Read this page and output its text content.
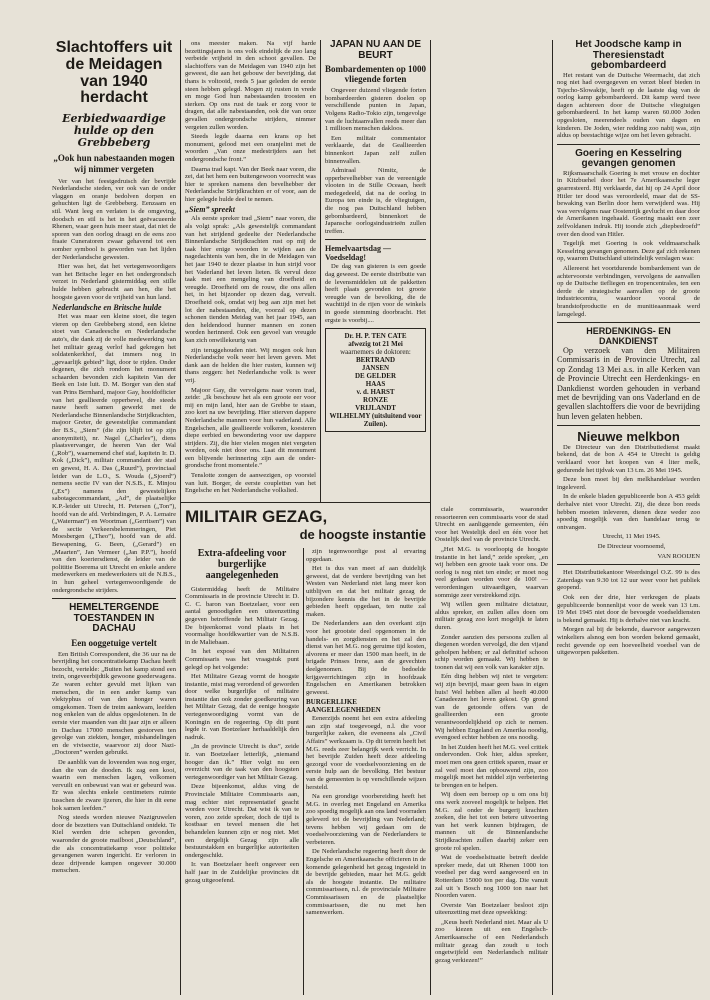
Slachtoffers uit de Meidagen van 1940 herdacht

Eerbiedwaardige hulde op den Grebbeberg

„Ook hun nabestaanden mogen wij nimmer vergeten

Ver van het feestgedruisch der bevrijde Nederlandsche steden, ver ook van de onder vlaggen en oranje bedolven dorpen en gehuchten ligt de Grebbeberg. Eenzaam en stil. Want leeg en verlaten is de omgeving, doodsch en stil is het in het geëvacueerde Rhenen, waar geen huis meer staat, dat niet de sporen van den oorlog draagt en de eens zoo fraaie Cuneratoren zwaar gehavend tot een somber symbool is geworden van het lijden der Nederlandsche gewesten.

Hier was het, dat het vertegenwoordigers van het Britsche leger en het ondergrondsch verzet in Nederland gistermiddag een stille hulde hebben gebracht aan hen, die het hoogste gaven voor de vrijheid van hun land.

Nederlandsche en Britsche hulde

Het was maar een kleine stoet, die tegen vieren op den Grebbeberg stond, een kleine stoet van Canadeesche en Nederlandsche auto's, die dank zij de volle medewerking van het militair gezag verlof had gekregen het soldatenkerkhof, dat immers nog in „gevaarlijk gebied” ligt, door te rijden. Onder degenen, die zich rondom het monument schaarden bevonden zich kapitein Van der Beek en 1ste luit. D. M. Borger van den staf van Prins Bernhard, majoor Gay, hoofdofficier van het geallieerde opperbevel, die steeds nauw heeft samen gewerkt met de Nederlandsche Binnenlandsche Strijdkrachten, majoor Greter, de gewestelijke commandant der B.S., „Siem” (die zijn blijft tot op zijn anonymiteit), nr. Nagel („Charles”), diens plaatsvervanger, de heeren Van der Wal („Rob”), waarnemend chef staf, kapitein Ir. D. Kok („Dick”), militair commandant der stad en gewest, H. A. Das („Ruurd”), provinciaal leider van de L.O., S. Wouda („Sjoerd”) nemens sectie IV van der N.S.B., E. Minjou („Ex”) namens den gewestelijken sabotagecommandant, „Ad”, de plaatselijke K.P.-leider uit Utrecht, H. Petersen („Ton”), hoofd van de afd. Verbindingen, P. A. Lemaire („Waterman”) en Woortman („Gerritsen”) van de sectie Verkeersbelemmeringen, Piet Moesbergen („Theo”), hoofd van de afd. Bewapening, G. Been, („Gerard”) en „Maarten”, Jan Vermeer („Jan P.P.”), hoofd van den koeriersdienst, de leider van de polititie Boerema uit Utrecht en enkele andere medewerkers en medewerksters uit de N.B.S., in hun geheel vertegenwoordigende de ondergrondsche strijders.

HEMELTERGENDE TOESTANDEN IN DACHAU

Een ooggetuige vertelt

Een British Correspondent, die 36 uur na de bevrijding het concentratiekamp Dachau heeft bezocht, vertelde: „Buiten het kamp stond een trein, ongeveerbijdtik gewoone goederwagens. Ze waren echter gevuld met lijken van menschen, die in een ander kamp van vlektyphus of van den honger waren omgekomen. Toen de treim aankwam, leefden nog enkelen van de aldus opgeslotenen. In de eerste vier maanden van dit jaar zijn er alleen in Dachau 17000 menschen gestorven ten gevolge van ziekten, honger, mishandelingen en de vivisectie, waarvoor zij door Nazi-„Doctoren” werden gebruikt.

De aanblik van de loveenden was nog erger, dan die van de dooden. Ik zag een kooi, waarin een menschen lagen, volkomen vervuilt en onbewust van wat er gebeurd was. Er was slechts enkele centimeters ruimte tusschen de zware ijzeren, die hier in dit eene hok samen leefden.”

Nog steeds worden nieuwe Nazigruwelen door de bezetters van Duitschland ontdekt. Te Kiel werden drie schepen gevonden, waaronder de groote mailboot „Deutschland”, die als concentratiekamp voor politieke gevangenen waren ingericht. Er verloren in deze drijvende kampen ongeveer 30.000 menschen.

ons meester maken. Na vijf harde bezettingsjaren is ons volk eindelijk de zoo lang verbeide vrijheid in den schoot gevallen. De slachtoffers van de Meidagen van 1940 zijn het geweest, die aan het gebouw der bevrijding, dat thans is voltooid, reeds 5 jaar geleden de eerste steen hebben gelegd. Mogen zij rusten in vrede en moge God hun nabestaanden troosten en sterken. Op ons rust de taak er zorg voor te dragen, dat alle nabestaanden, ook die van onze gevallen ondergrondsche strijders, nimmer vergeten zullen worden.

Steeds legde daarna een krans op het monument, gelood met een oranjelint met de woorden „Van onze medestrijders aan het ondergrondsche front.”

Daarna trad kapt. Van der Beek naar voren, die zei, dat het hem een buitengewoon voorrecht was hier te spreken namens den bevelhebber der Nederlandsche Strijdkrachten er of voor, aan de hier gelegde hulde deel te nemen.

„Siem” spreekt

Als eerste spreker trad „Siem” naar voren, die als volgt sprak: „Als gewestelijk commandant van het strijdend gedeelte der Nederlandsche Binnenlandsche Strijdkrachten rust op mij de taak hier enige woorden te wijden aan de nagedachtenis van hen, die in de Meidagen van het jaar 1940 te dezer plaatse in hun strijd voor het Vaderland het leven lieten. Ik vervul deze taak met een mengeling van droefheid en vreugde. Droefheid om de rouw, die ons allen het, in het bijzonder op dezen dag, vervult. Droefheid ook, omdat wij beg aan zijn met het lot der nabestaanden, die, voorzal op dezen schonen tienden Meidag van het jaar 1945, aan den heldendood hunner mannen en zonen worden herinnerd. Ook een gevoel van vreugde kan zich onwillekeurig van

zijn teruggehouden niet. Wij mogen ook hun Nederlandsche volk weer het leven geven. Met dank aan de helden die hier rusten, kunnen wij thans zeggen: het Nederlandsche volk is weer vrij.

Majoor Gay, die vervolgens naar voren trad, zeide: „Ik beschouw het als een groote eer voor mij en mijn land, hier aan de Grebbe te staan, zoo kort na uw bevrijding. Hier stierven dappere Nederlandsche mannen voor hun vaderland. Alle Engelschen, alle geallieerde volkeren, koesteren diepe eerbied en bewondering voor uw dappere strijders. Zij, die hier vielen mogen niet vergeten worden, ook niet door ons. Laat dit monument een blijvende herinnering zijn aan de ondergrondsche front momentele.”

Tenslotte zongen de aanwezigen, op voorstel van luit. Borger, de eerste couplettsn van het Engelsche en het Nederlandsche volkslied.

JAPAN NU AAN DE BEURT

Bombardementen op 1000 vliegende forten

Ongeveer duizend vliegende forten bombardeerden gisteren doelen op verschillende punten in Japan, Volgens Radio-Tokio zijn, tengevolge van de luchtaanvallen reeds meer dan 1 millioen menschen dakloos.

Een militair commentator verklaarde, dat de Geallieerden binnenkort Japan zelf zullen binnenvallen.

Admiraal Nimitz, de opperbevelhebber van de vereenigde vlooten in de Stille Oceaan, heeft medegedeeld, dat na de oorlog in Europa ten einde is, de vliegtuigen, die nog pas Duitschland hebben gebombardeerd, binnenkort de Japansche oorlogsindustrieën zullen treffen.

Hemelvaartsdag — Voedseldag!

De dag van gisteren is een goede dag geweest. De eerste distributie van de levensmiddelen uit de pakketten heeft plaats gevonden tot groote vreugde van de bevolking, die de wachttijd in de rijen voor de winkels in goede stemming doorbracht. Het ergste is voorbij....

Dr. H. P. TEN CATE
afwezig tot 21 Mei
waarnemers de doktoren:
BERTRAND
JANSEN
DE GELDER
HAAS
v. d. HARST
RONZE
VRIJLANDT
WILHELMY (uitsluitend voor Zuilen).

Het Joodsche kamp in Theresienstadt gebombardeerd

Het restant van de Duitsche Weermacht, dat zich nog niet had overgegeven en verzet bleef bieden in Tsjecho-Slowakije, heeft op de laatste dag van de oorlog kamp gebombardeerd. Dit kamp werd twee dagen achtereen door de Duitsche vliegtuigen gebombardeerd. In het kamp waren 60.000 Joden opgesloten, meerendeels ouden van dagen en kinderen. De Joden, wier redding zoo nabij was, zijn aldus op beestachtige wijze om het leven gebracht.

Goering en Kesselring gevangen genomen

Rijksmaarschalk Goering is met vrouw en dochter in Kitzbuehel door het 7e Amerikaansche leger gearresteerd. Hij verklaarde, dat hij op 24 April door Hitler ter dood was veroordeeld, maar dat de SS-bewaking van Berlin door hem verwijderd was. Hij was vervolgens naar Oostenrijk gevlucht en daar door de Amerikanen ingehaald. Goering maakt een zeer zelfvoldanen indruk. Hij toonde zich „diepbedroefd” over den dood van Hitler.

Tegelijk met Goering is ook veldmaarschalk Kesselring gevangen genomen. Deze gaf zich rekenen op, waarom Duitschland uiteindelijk verslagen was:

Allereerst het voortdurende bombardement van de achtervoorste verbindingen, vervolgens de aanvallen op de Duitsche tiefliegen en tropencentrales, ten een derde de strategische aanvallen op de groote industriecentra, waardoor vooral de brandstofproductie en de munitieaanmaak werd lamgelegd.

HERDENKINGS- EN DANKDIENST

Op verzoek van den Militairen Commissaris in de Provincie Utrecht, zal op Zondag 13 Mei a.s. in alle Kerken van de Provincie Utrecht een Herdenkings- en Dankdienst worden gehouden in verband met de bevrijding van ons Vaderland en de gevallen slachtoffers die voor de bevrijding hun leven gelaten hebben.

Nieuwe melkbon

De Directeur van den Distributiedienst maakt bekend, dat de bon A 454 te Utrecht is geldig verklaard voor het koopen van 4 liter melk, gedurende het tijdvak van 13 t.m. 26 Mei 1945.

Deze bon moet bij den melkhandelaar worden ingeleverd.

In de enkele bladen gepubliceerde bon A 453 geldt derhalve niet voor Utrecht. Zij, die deze bon reeds hebben moeten inleveren, dienen deze weder zoo spoedig mogelijk van den handelaar terug te ontvangen.

Utrecht, 11 Mei 1945.

De Directeur voornoemd,

VAN ROOIJEN

Het Distributiekantoor Weerdsingel O.Z. 99 is des Zaterdags van 9.30 tot 12 uur weer voor het publiek geopend.

Ook een der drie, hier verkregen de plaats gepubliceerde bonnenlijst voor de week van 13 t.m. 19 Mei 1945 niet door de bevoegde voedseldiensten is bekend gemaakt. Hij is derhalve niet van kracht.

Morgen zal bij de bekende, daarvoor aangewezen winkeliers alsnog een bon worden bekend gemaakt, recht gevende op een hoeveelheid voedsel van de uitgeworpen pakketten.

MILITAIR GEZAG,
de hoogste instantie

Extra-afdeeling voor burgerlijke aangelegenheden

Gistermiddag heeft de Militaire Commissaris in de provincie Utrecht ir. D. C. C. baron van Boetzelaer, voor een aantal genoodigden een uiteenzetting gegeven betreffende het Militair Gezag. De bijeenkomst vond plaats in het voormalige hoofdkwartier van de N.S.B. in de Maliebaan.

In het exposé van den Militairen Commissaris was het vraagstuk punt gelegd op het volgende:

Het Militaire Gezag vormt de hoogste instantie, mist mag verordend of geworden door welke burgerlijke of militaire instantie dan ook zonder goedkeuring van het Militair Gezag, dat de eenige hoogste vertegenwoordiging vormt van de Koningin en de regeering. Op dit punt legde ir. van Boetzelaer herhaaldelijk den nadruk.

„In de provincie Utrecht is dus”, zeide ir. van Boetzelaer letterlijk, „niemand hooger dan ik.” Hier volgt nu een overzicht van de taak van den hoogsten vertegenwoordiger van het Militair Gezag.

Deze bijeenkomst, aldus ving de Provinciale Militaire Commissaris aan, mag echter niet representatief geacht worden voor Utrecht. Dat wist ik van te voren, zoo zeide spreker, doch de tijd is kostbaar en teveel mensen die het behandelen kunnen zijn er nog niet. Met een dergelijk Gezag zijn alle bestuurstakken en burgerlijke autoriteiten ondergeschikt.

Ir. van Boetzelaer heeft ongeveer een half jaar in de Zuidelijke provincies dit gezag uitgeoefend.

zijn tegenwoordige post al ervaring opgedaan.

Het is dus van meet af aan duidelijk geweest, dat de verdere bevrijding van het Westen van Nederland niet lang meer kon uitblijven en dat het militair gezag de bijzondere kennis die het in de bevrijde gebieden heeft opgedaan, ten nutte zal maken.

De Nederlanders aan den overkant zijn voor het grootste deel opgenomen in de handels- en zorgdiensten en het zal den dienst van het M.G. nog geruime tijd kosten, alvorens er meer dan 1500 man heeft, in de brigade Prinses Irene, aan de gevechten deelgenomen. Bij de bedoelde krijgsverrichtingen zijn in hoofdzaak Engelschen en Amerikanen betrokken geweest.

BURGERLIJKE AANGELEGENHEDEN

Eenerzijds noemt het een extra afdeeling aan zijn staf toegevoegd, n.l. die voor burgerlijke zaken, die eveneens als „Civil Affairs” werkzaam is. Op dit terrein heeft het M.G. reeds zeer belangrijk werk verricht. In het bevrijde Zuiden heeft deze afdeeling gezorgd voor de voedselvoorziening en de eerste hulp aan de bevolking. Het bestuur van de gemeenten is op verschillende wijzen hersteld.

Na een grondige voorbereiding heeft het M.G. in overleg met Engeland en Amerika zoo spoedig mogelijk aan ons land voorraden geleverd tot de bevrijding van Nederland; tevens hebben wij gedaan om de voedselvoorziening van de Nederlanders te verbeteren.

De Nederlandsche regeering heeft door de Engelsche en Amerikaansche officieren in de komende gelegenheid het gezag ingesteld in de bevrijde gebieden, maar het M.G. geldt als de hoogste instantie. De militaire commissarissen, n.l. de provinciale Militaire Commissarissen en de plaatselijke commissarissen, die nu met hen samenwerken.

ciale commissaris, waaronder ressorteeren een commissaris voor de stad Utrecht en aanliggende gemeenten, één voor het Westelijk deel en één voor het Oostelijk deel van de provincie Utrecht.

„Het M.G. is voorloopig de hoogste instantie in het land,” zeide spreker, „en wij hebben een groote taak voor ons. De oorlog is nog niet ten einde; er moet nog veel gedaan worden voor de 100! — verordeningen uitvaardigen, waarvan sommige zeer verstrekkend zijn.

Wij willen geen militaire dictatuur, aldus spreker, en zullen alles doen om militair gezag zoo kort mogelijk te laten duren.

Zonder aanzien des persoons zullen al diegenen worden vervolgd, die den vijand geholpen hebben; er zal definitief schoon schip worden gemaakt. Wij hebben te toonen dat wij een volk van karakter zijn.

Eén ding hebben wij niet te vergeten: wij zijn bevrijd, maar geen baas in eigen huis! Wel hebben allen al heeft 40.000 Canadeezen het leven gekost. Op grond van de getoonde offers van de geallieerden een groote verantwoordelijkheid op zich te nemen. Wij hebben Engeland en Amerika noodig, evengoed echter hebben ze ons noodig.

In het Zuiden heeft het M.G. veel critiek ondervonden. Ook hier, aldus spreker, moet men ons geen critiek sparen, maar er zal veel moet dan opbouwend zijn, zoo mogelijk moet het middel zijn verbetering te brengen en te helpen.

Wij doen een beroep op u om ons bij ons werk zooveel mogelijk te helpen. Het M.G. zal onder de burgerij krachten zoeken, die het tot een betere uitvoering van het werk kunnen bijdragen, de mannen uit de Binnenlandsche Strijdkrachten zullen daarbij zeker een groote rol spelen.

Wat de voedselsituatie betreft deelde spreker mede, dat uit Rhenen 1000 ton voedsel per dag werd aangevoerd en in Rotterdam 15000 ton per dag. Die vanuit zal uit 's Bosch nog 1000 ton naar het Noorden varen.

Overste Van Boetzelaer besloot zijn uiteenzetting met deze opwekking:

„Keus heeft Nederland niet. Maar als U zoo kiezen uit een Engelsch-Amerikaansche of een Nederlandsch militair gezag dan zoudt u toch ongetwijfeld een Nederlandsch militair gezag verkiezen!”
